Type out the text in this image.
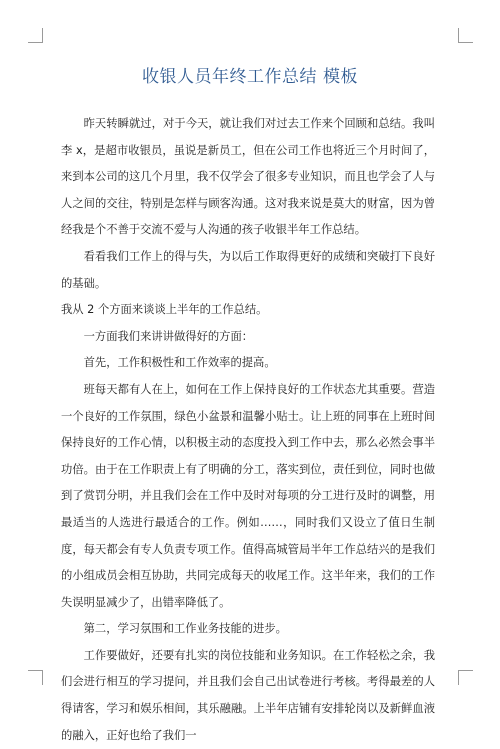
收银人员年终工作总结 模板

昨天转瞬就过，对于今天，就让我们对过去工作来个回顾和总结。我叫李 x，是超市收银员，虽说是新员工，但在公司工作也将近三个月时间了，来到本公司的这几个月里，我不仅学会了很多专业知识，而且也学会了人与人之间的交往，特别是怎样与顾客沟通。这对我来说是莫大的财富，因为曾经我是个不善于交流不爱与人沟通的孩子收银半年工作总结。

看看我们工作上的得与失，为以后工作取得更好的成绩和突破打下良好的基础。

我从 2 个方面来谈谈上半年的工作总结。

一方面我们来讲讲做得好的方面：

首先，工作积极性和工作效率的提高。

班每天都有人在上，如何在工作上保持良好的工作状态尤其重要。营造一个良好的工作氛围，绿色小盆景和温馨小贴士。让上班的同事在上班时间保持良好的工作心情，以积极主动的态度投入到工作中去，那么必然会事半功倍。由于在工作职责上有了明确的分工，落实到位，责任到位，同时也做到了赏罚分明，并且我们会在工作中及时对每项的分工进行及时的调整，用最适当的人选进行最适合的工作。例如……，同时我们又设立了值日生制度，每天都会有专人负责专项工作。值得高城管局半年工作总结兴的是我们的小组成员会相互协助，共同完成每天的收尾工作。这半年来，我们的工作失误明显减少了，出错率降低了。

第二，学习氛围和工作业务技能的进步。

工作要做好，还要有扎实的岗位技能和业务知识。在工作轻松之余，我们会进行相互的学习提问，并且我们会自己出试卷进行考核。考得最差的人得请客，学习和娱乐相间，其乐融融。上半年店铺有安排轮岗以及新鲜血液的融入，正好也给了我们一
